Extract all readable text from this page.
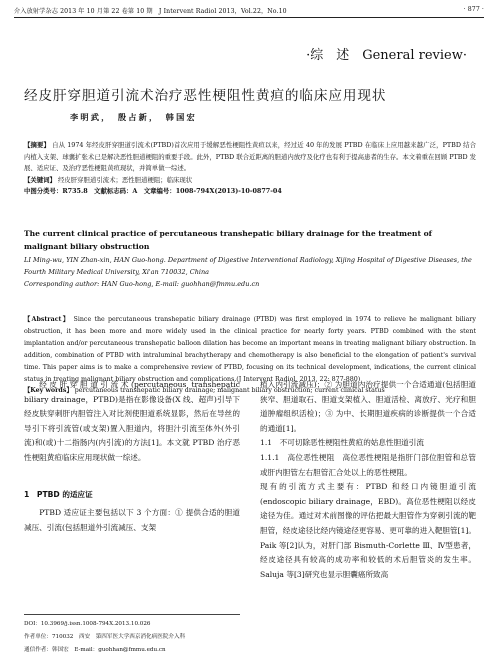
介入放射学杂志 2013 年 10 月第 22 卷第 10 期　J Intervent Radiol 2013，Vol.22，No.10	· 877 ·
·综　述　General review·
经皮肝穿胆道引流术治疗恶性梗阻性黄疸的临床应用现状
李明武，　殷占新，　韩国宏
【摘要】 自从 1974 年经皮肝穿胆道引流术(PTBD)首次应用于缓解恶性梗阻性黄疸以来，经过近 40 年的发展 PTBD 在临床上应用越来越广泛，PTBD 结合内植入支架、球囊扩张术已是解决恶性胆道梗阻的重要手段。此外，PTBD 联合近距离的胆道内放疗及化疗也有利于提高患者的生存。本文着重在回顾 PTBD 发展、适应证、及治疗恶性梗阻黄疸现状，并简单做一综述。
【关键词】 经皮肝穿胆道引流术；恶性胆道梗阻；临床现状
中图分类号：R735.8　文献标志码：A　文章编号：1008-794X(2013)-10-0877-04
The current clinical practice of percutaneous transhepatic biliary drainage for the treatment of malignant biliary obstruction
LI Ming-wu, YIN Zhan-xin, HAN Guo-hong. Department of Digestive Interventional Radiology, Xijing Hospital of Digestive Diseases, the Fourth Military Medical University, Xi'an 710032, China
Corresponding author: HAN Guo-hong, E-mail: guohhan@fmmu.edu.cn
【Abstract】 Since the percutaneous transhepatic biliary drainage (PTBD) was first employed in 1974 to relieve he malignant biliary obstruction, it has been more and more widely used in the clinical practice for nearly forty years. PTBD combined with the stent implantation and/or percutaneous transhepatic balloon dilation has become an important means in treating malignant biliary obstruction. In addition, combination of PTBD with intraluminal brachytherapy and chemotherapy is also beneficial to the elongation of patient's survival time. This paper aims is to make a comprehensive review of PTBD, focusing on its technical development, indications, the current clinical status in treating malignant biliary obstruction and complications.(J Intervent Radiol, 2013, 22: 877-880)
【Key words】 percutaneous transhepatic biliary drainage; malignant biliary obstruction; current clinical status

经皮肝穿胆道引流术(percutaneous transhepatic biliary drainage，PTBD)是指在影像设备(X 线、超声)引导下经皮肤穿刺肝内胆管注入对比剂使胆道系统显影，然后在导丝的导引下将引流管(或支架)置入胆道内，将胆汁引流至体外(外引流)和(或)十二指肠内(内引流)的方法[1]。本文就 PTBD 治疗恶性梗阻黄疸临床应用现状做一综述。

1　PTBD 的适应证

PTBD 适应证主要包括以下 3 个方面：① 提供合适的胆道减压、引流(包括胆道外引流减压、支架

DOI：10.3969/j.issn.1008-794X.2013.10.026
作者单位：710032　西安　第四军医大学西京消化病医院介入科
通信作者：韩国宏　E-mail：guohhan@fmmu.edu.cn

植入内引流减压)；② 为胆道内治疗提供一个合适通道(包括胆道狭窄、胆道取石、胆道支架植入、胆道活检、离放疗、光疗和胆道肿瘤组织活检)；③ 为中、长期胆道疾病的诊断提供一个合适的通道[1]。

1.1　不可切除恶性梗阻性黄疸的姑息性胆道引流

1.1.1　高位恶性梗阻　高位恶性梗阻是指肝门部位胆管和总管或肝内胆管左右胆管汇合处以上的恶性梗阻。

现有的引流方式主要有：PTBD 和经口内镜胆道引流(endoscopic biliary drainage，EBD)。高位恶性梗阻以经皮途径为佳。通过对术前图像的评估把最大胆管作为穿刺引流的靶胆管，经皮途径比经内镜途径更容易、更可靠的进入靶胆管[1]。Paik 等[2]认为，对肝门部 Bismuth-Corlette Ⅲ、Ⅳ型患者，经皮途径具有较高的成功率和较低的术后胆管炎的发生率。Saluja 等[3]研究也显示胆囊癌所致高
